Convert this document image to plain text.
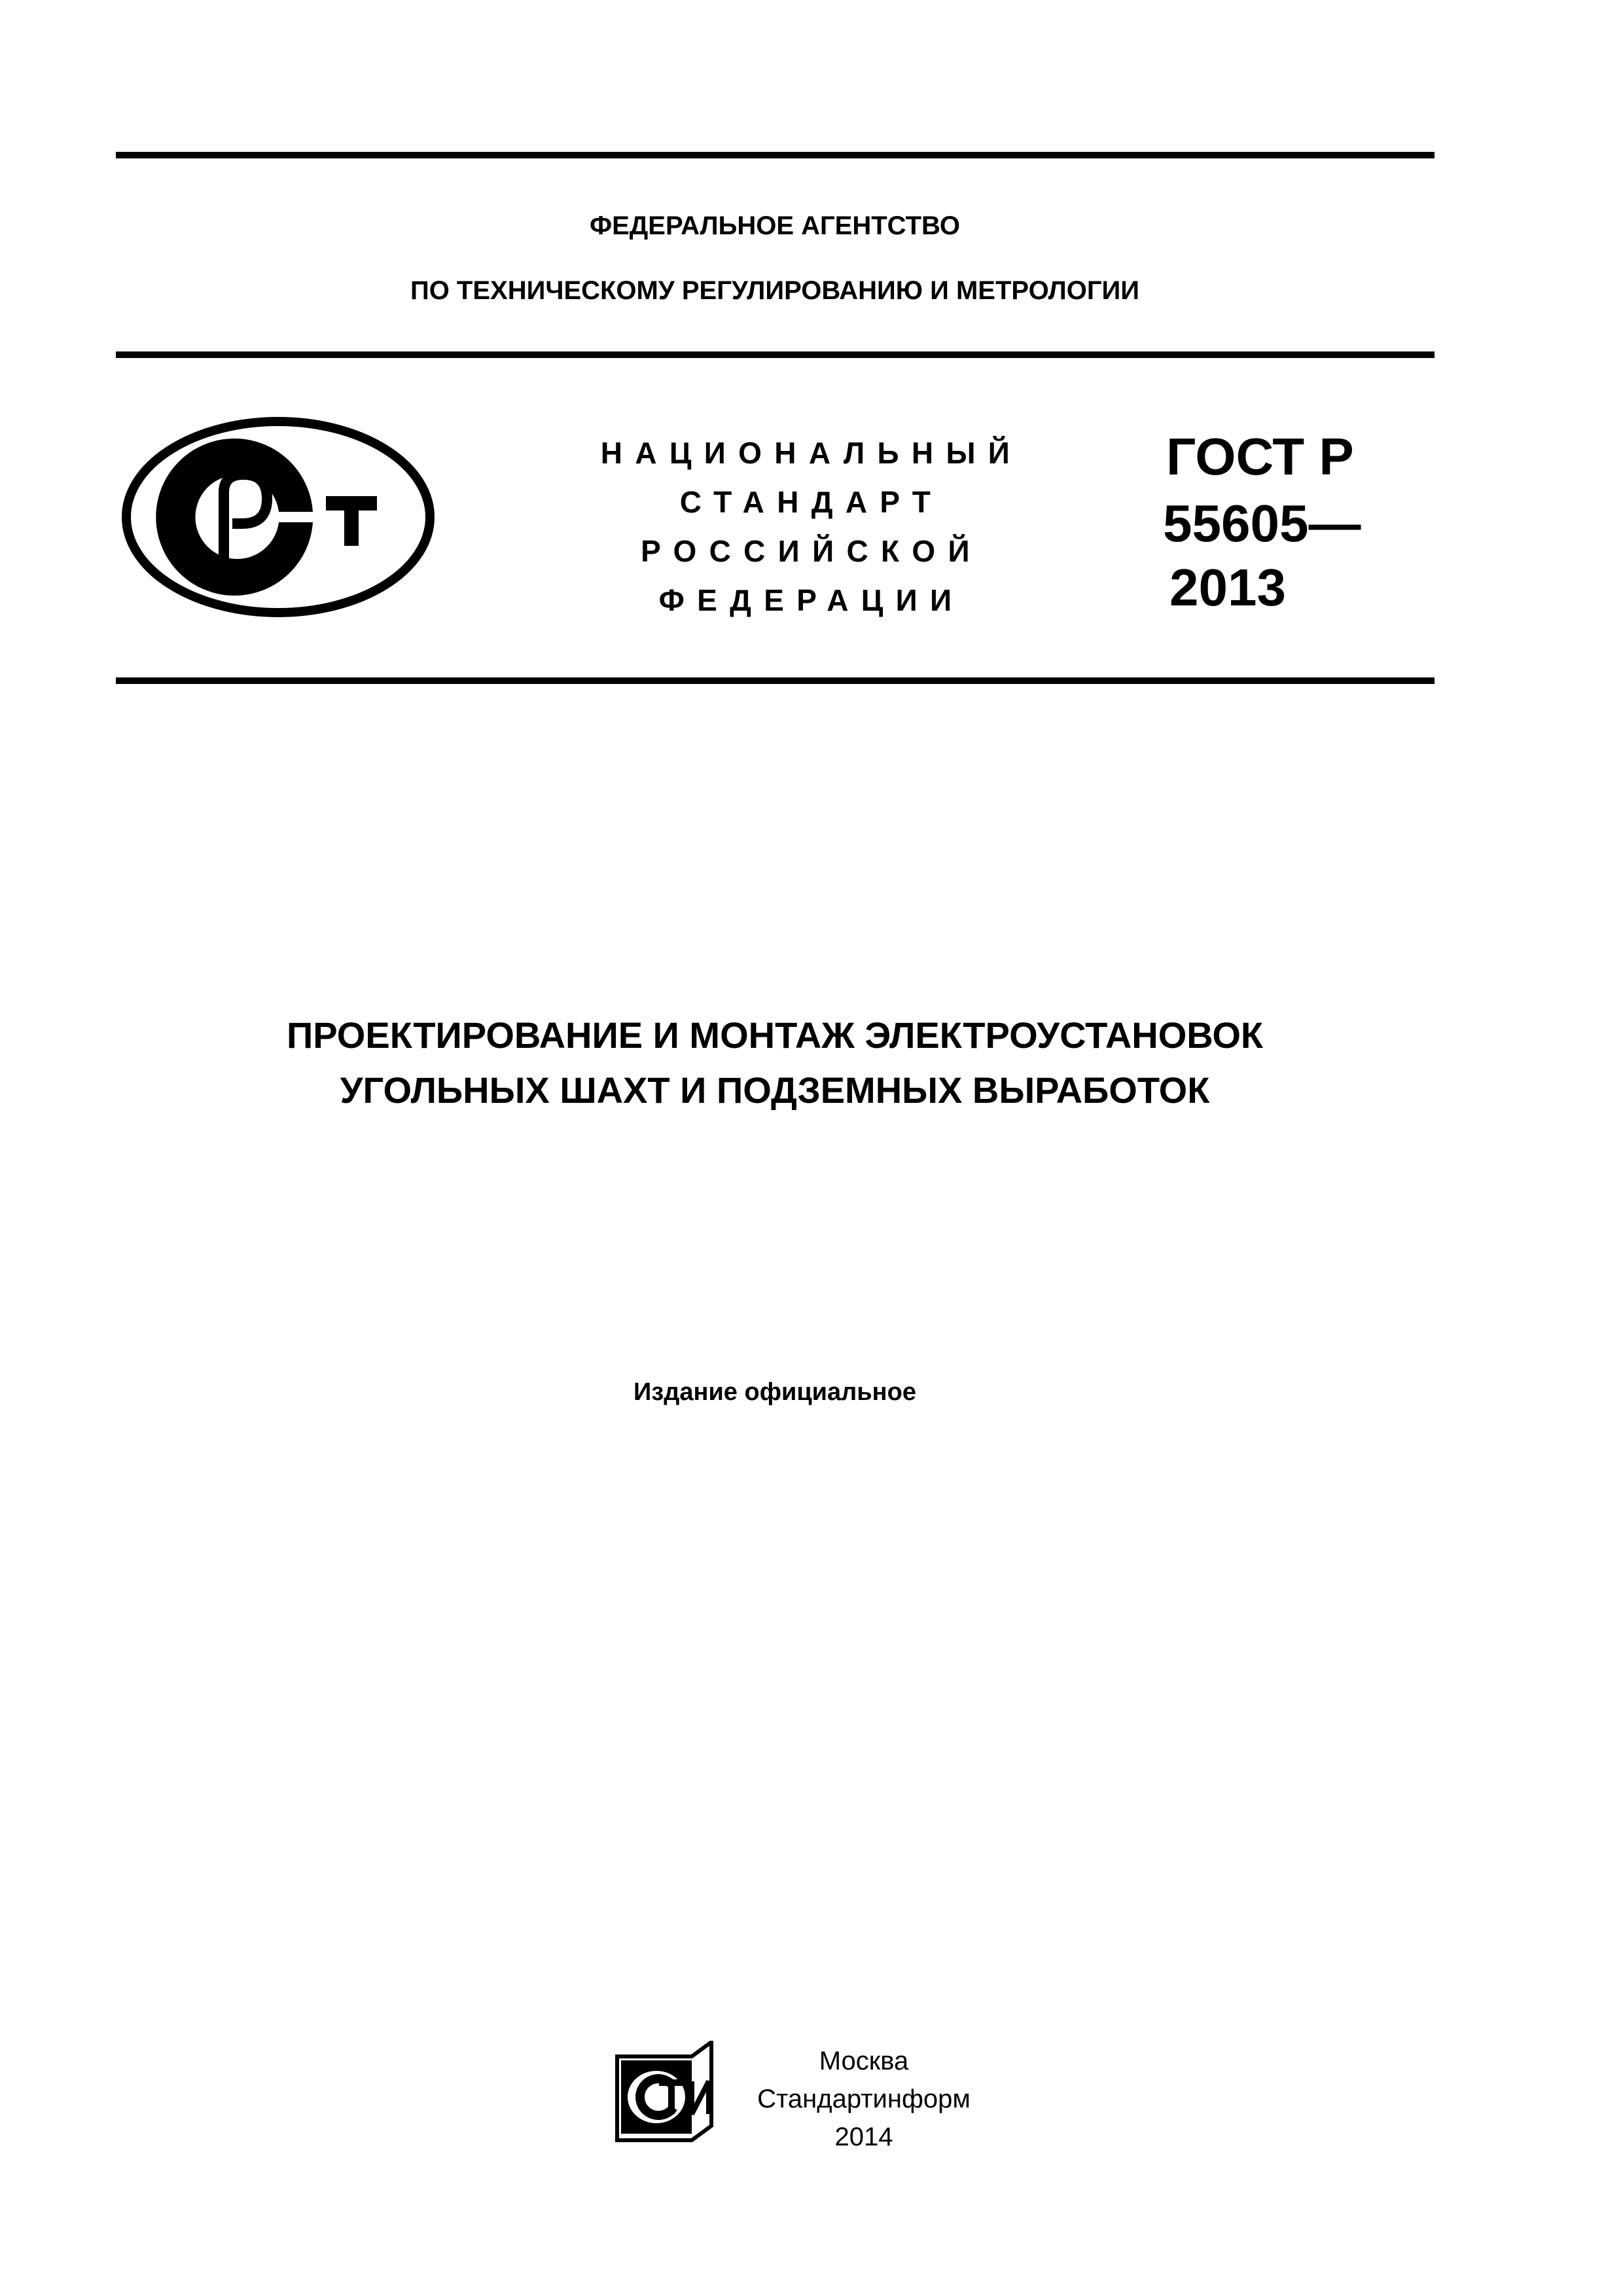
ФЕДЕРАЛЬНОЕ АГЕНТСТВО
ПО ТЕХНИЧЕСКОМУ РЕГУЛИРОВАНИЮ И МЕТРОЛОГИИ
НАЦИОНАЛЬНЫЙ
СТАНДАРТ
РОССИЙСКОЙ
ФЕДЕРАЦИИ
ГОСТ Р
55605—
2013
ПРОЕКТИРОВАНИЕ И МОНТАЖ ЭЛЕКТРОУСТАНОВОК
УГОЛЬНЫХ ШАХТ И ПОДЗЕМНЫХ ВЫРАБОТОК
Издание официальное
Москва
Стандартинформ
2014
